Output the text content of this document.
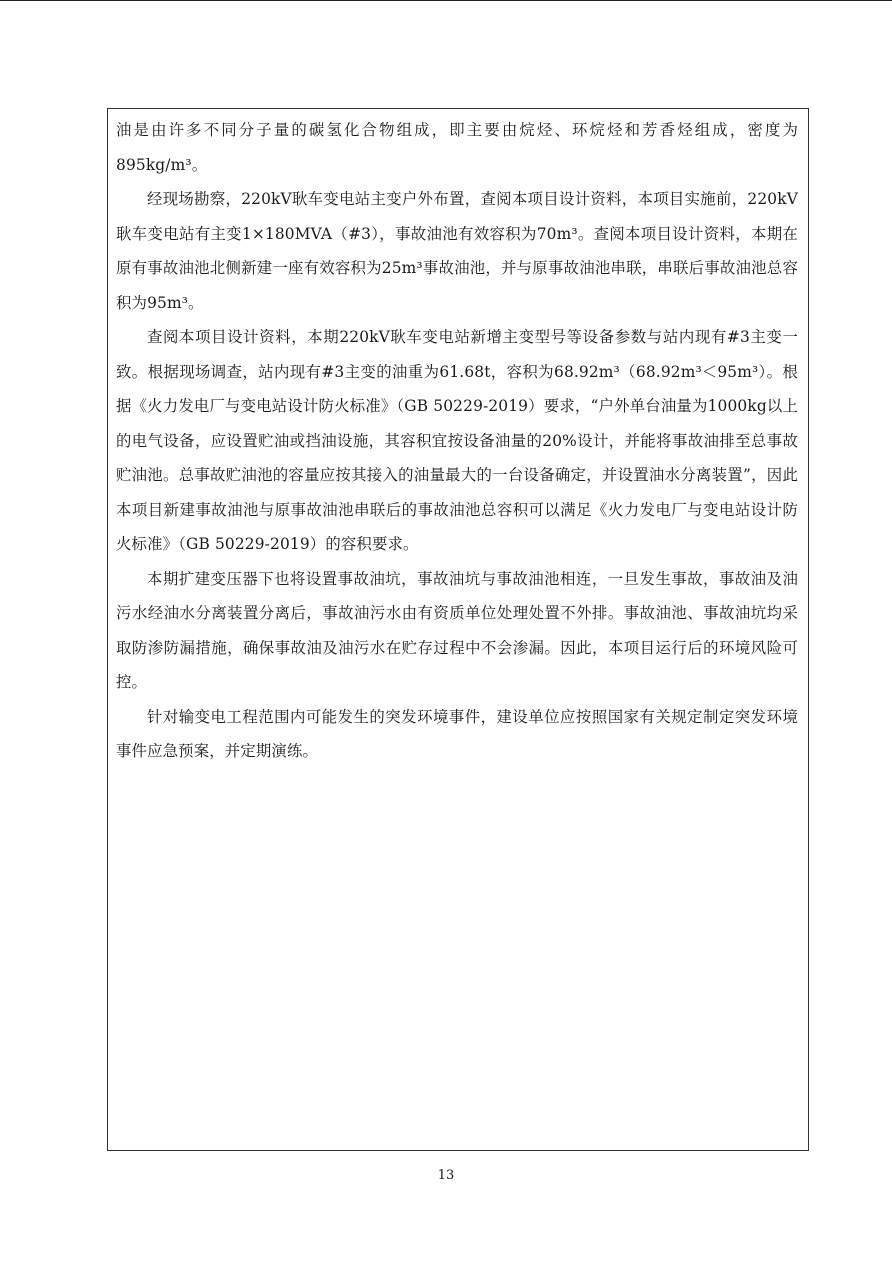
油是由许多不同分子量的碳氢化合物组成，即主要由烷烃、环烷烃和芳香烃组成，密度为895kg/m³。

经现场勘察，220kV耿车变电站主变户外布置，查阅本项目设计资料，本项目实施前，220kV耿车变电站有主变1×180MVA（#3），事故油池有效容积为70m³。查阅本项目设计资料，本期在原有事故油池北侧新建一座有效容积为25m³事故油池，并与原事故油池串联，串联后事故油池总容积为95m³。

查阅本项目设计资料，本期220kV耿车变电站新增主变型号等设备参数与站内现有#3主变一致。根据现场调查，站内现有#3主变的油重为61.68t，容积为68.92m³（68.92m³＜95m³）。根据《火力发电厂与变电站设计防火标准》（GB 50229-2019）要求，“户外单台油量为1000kg以上的电气设备，应设置贮油或挡油设施，其容积宜按设备油量的20%设计，并能将事故油排至总事故贮油池。总事故贮油池的容量应按其接入的油量最大的一台设备确定，并设置油水分离装置”，因此本项目新建事故油池与原事故油池串联后的事故油池总容积可以满足《火力发电厂与变电站设计防火标准》（GB 50229-2019）的容积要求。

本期扩建变压器下也将设置事故油坑，事故油坑与事故油池相连，一旦发生事故，事故油及油污水经油水分离装置分离后，事故油污水由有资质单位处理处置不外排。事故油池、事故油坑均采取防渗防漏措施，确保事故油及油污水在贮存过程中不会渗漏。因此，本项目运行后的环境风险可控。

针对输变电工程范围内可能发生的突发环境事件，建设单位应按照国家有关规定制定突发环境事件应急预案，并定期演练。

13
